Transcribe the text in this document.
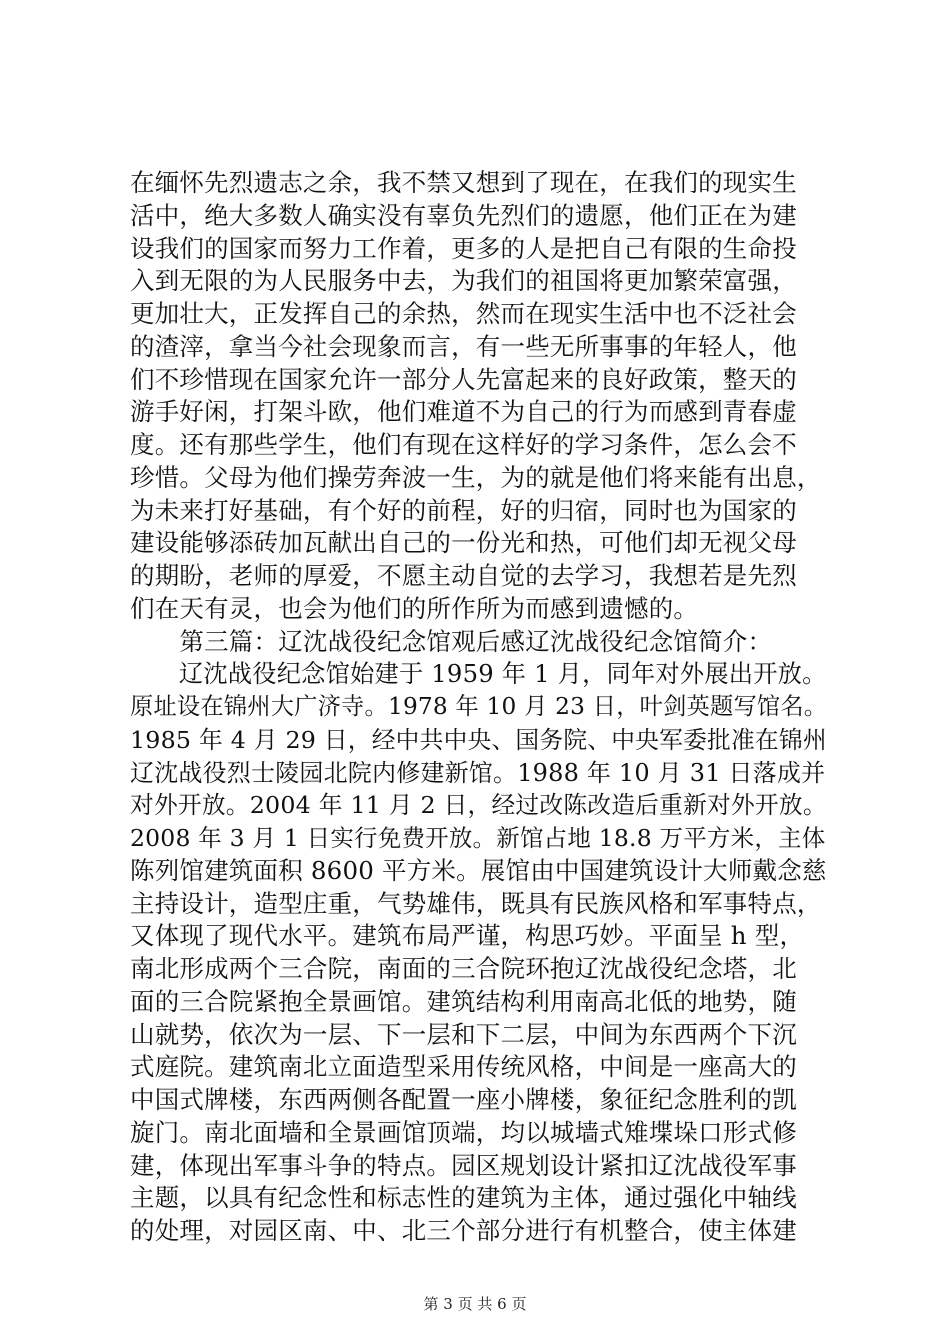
在缅怀先烈遗志之余，我不禁又想到了现在，在我们的现实生
活中，绝大多数人确实没有辜负先烈们的遗愿，他们正在为建
设我们的国家而努力工作着，更多的人是把自己有限的生命投
入到无限的为人民服务中去，为我们的祖国将更加繁荣富强，
更加壮大，正发挥自己的余热，然而在现实生活中也不泛社会
的渣滓，拿当今社会现象而言，有一些无所事事的年轻人，他
们不珍惜现在国家允许一部分人先富起来的良好政策，整天的
游手好闲，打架斗欧，他们难道不为自己的行为而感到青春虚
度。还有那些学生，他们有现在这样好的学习条件，怎么会不
珍惜。父母为他们操劳奔波一生，为的就是他们将来能有出息，
为未来打好基础，有个好的前程，好的归宿，同时也为国家的
建设能够添砖加瓦献出自己的一份光和热，可他们却无视父母
的期盼，老师的厚爱，不愿主动自觉的去学习，我想若是先烈
们在天有灵，也会为他们的所作所为而感到遗憾的。
　　第三篇：辽沈战役纪念馆观后感辽沈战役纪念馆简介：
　　辽沈战役纪念馆始建于 1959 年 1 月，同年对外展出开放。
原址设在锦州大广济寺。1978 年 10 月 23 日，叶剑英题写馆名。
1985 年 4 月 29 日，经中共中央、国务院、中央军委批准在锦州
辽沈战役烈士陵园北院内修建新馆。1988 年 10 月 31 日落成并
对外开放。2004 年 11 月 2 日，经过改陈改造后重新对外开放。
2008 年 3 月 1 日实行免费开放。新馆占地 18.8 万平方米，主体
陈列馆建筑面积 8600 平方米。展馆由中国建筑设计大师戴念慈
主持设计，造型庄重，气势雄伟，既具有民族风格和军事特点，
又体现了现代水平。建筑布局严谨，构思巧妙。平面呈 h 型，
南北形成两个三合院，南面的三合院环抱辽沈战役纪念塔，北
面的三合院紧抱全景画馆。建筑结构利用南高北低的地势，随
山就势，依次为一层、下一层和下二层，中间为东西两个下沉
式庭院。建筑南北立面造型采用传统风格，中间是一座高大的
中国式牌楼，东西两侧各配置一座小牌楼，象征纪念胜利的凯
旋门。南北面墙和全景画馆顶端，均以城墙式雉堞垛口形式修
建，体现出军事斗争的特点。园区规划设计紧扣辽沈战役军事
主题，以具有纪念性和标志性的建筑为主体，通过强化中轴线
的处理，对园区南、中、北三个部分进行有机整合，使主体建
第 3 页 共 6 页
